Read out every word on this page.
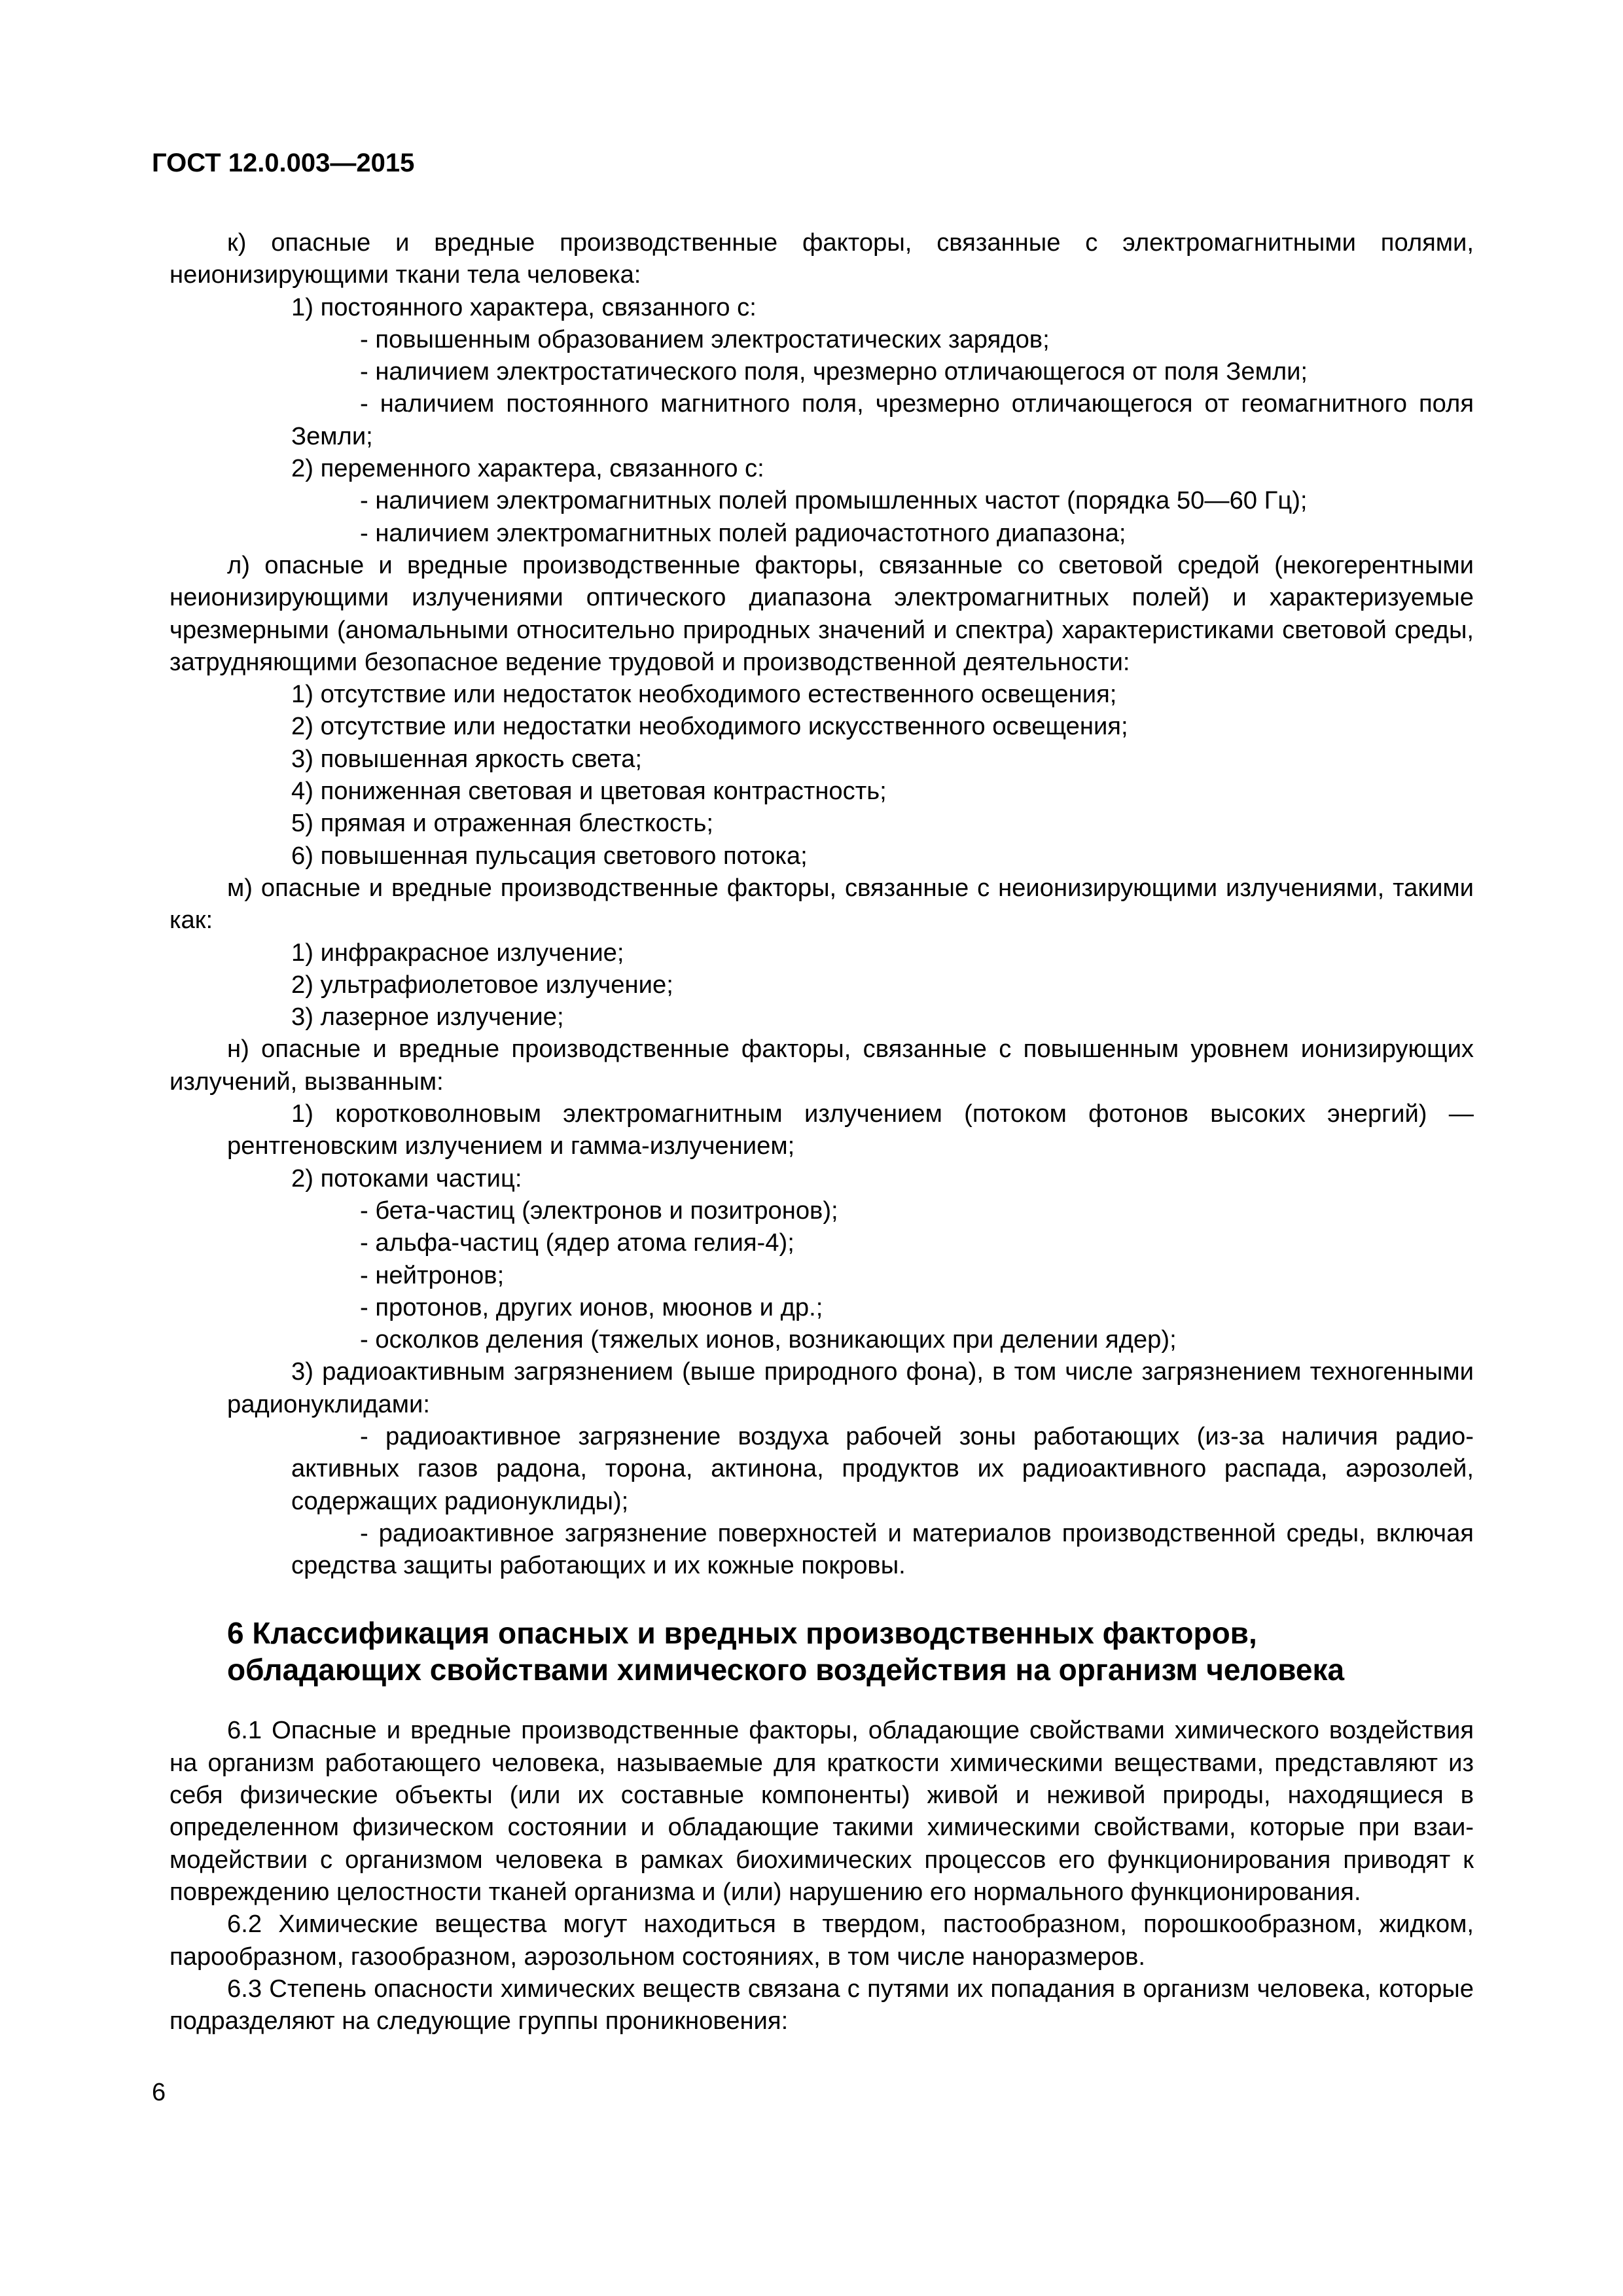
ГОСТ 12.0.003—2015

к) опасные и вредные производственные факторы, связанные с электромагнитными полями, неионизирующими ткани тела человека:

1) постоянного характера, связанного с:

- повышенным образованием электростатических зарядов;

- наличием электростатического поля, чрезмерно отличающегося от поля Земли;

- наличием постоянного магнитного поля, чрезмерно отличающегося от геомагнитного поля Земли;

2) переменного характера, связанного с:

- наличием электромагнитных полей промышленных частот (порядка 50—60 Гц);

- наличием электромагнитных полей радиочастотного диапазона;

л) опасные и вредные производственные факторы, связанные со световой средой (некогерентными неионизирующими излучениями оптического диапазона электромагнитных полей) и характеризуемые чрезмерными (аномальными относительно природных значений и спектра) характеристиками световой среды, затрудняющими безопасное ведение трудовой и производственной деятельности:

1) отсутствие или недостаток необходимого естественного освещения;

2) отсутствие или недостатки необходимого искусственного освещения;

3) повышенная яркость света;

4) пониженная световая и цветовая контрастность;

5) прямая и отраженная блесткость;

6) повышенная пульсация светового потока;

м) опасные и вредные производственные факторы, связанные с неионизирующими излучениями, такими как:

1) инфракрасное излучение;

2) ультрафиолетовое излучение;

3) лазерное излучение;

н) опасные и вредные производственные факторы, связанные с повышенным уровнем ионизирующих излучений, вызванным:

1) коротковолновым электромагнитным излучением (потоком фотонов высоких энергий) — рентгеновским излучением и гамма-излучением;

2) потоками частиц:

- бета-частиц (электронов и позитронов);

- альфа-частиц (ядер атома гелия-4);

- нейтронов;

- протонов, других ионов, мюонов и др.;

- осколков деления (тяжелых ионов, возникающих при делении ядер);

3) радиоактивным загрязнением (выше природного фона), в том числе загрязнением техногенными радионуклидами:

- радиоактивное загрязнение воздуха рабочей зоны работающих (из-за наличия радиоактивных газов радона, торона, актинона, продуктов их радиоактивного распада, аэрозолей, содержащих радионуклиды);

- радиоактивное загрязнение поверхностей и материалов производственной среды, включая средства защиты работающих и их кожные покровы.

6 Классификация опасных и вредных производственных факторов,
обладающих свойствами химического воздействия на организм человека

6.1 Опасные и вредные производственные факторы, обладающие свойствами химического воздействия на организм работающего человека, называемые для краткости химическими веществами, представляют из себя физические объекты (или их составные компоненты) живой и неживой природы, находящиеся в определенном физическом состоянии и обладающие такими химическими свойствами, которые при взаимодействии с организмом человека в рамках биохимических процессов его функционирования приводят к повреждению целостности тканей организма и (или) нарушению его нормального функционирования.

6.2 Химические вещества могут находиться в твердом, пастообразном, порошкообразном, жидком, парообразном, газообразном, аэрозольном состояниях, в том числе наноразмеров.

6.3 Степень опасности химических веществ связана с путями их попадания в организм человека, которые подразделяют на следующие группы проникновения:

6
